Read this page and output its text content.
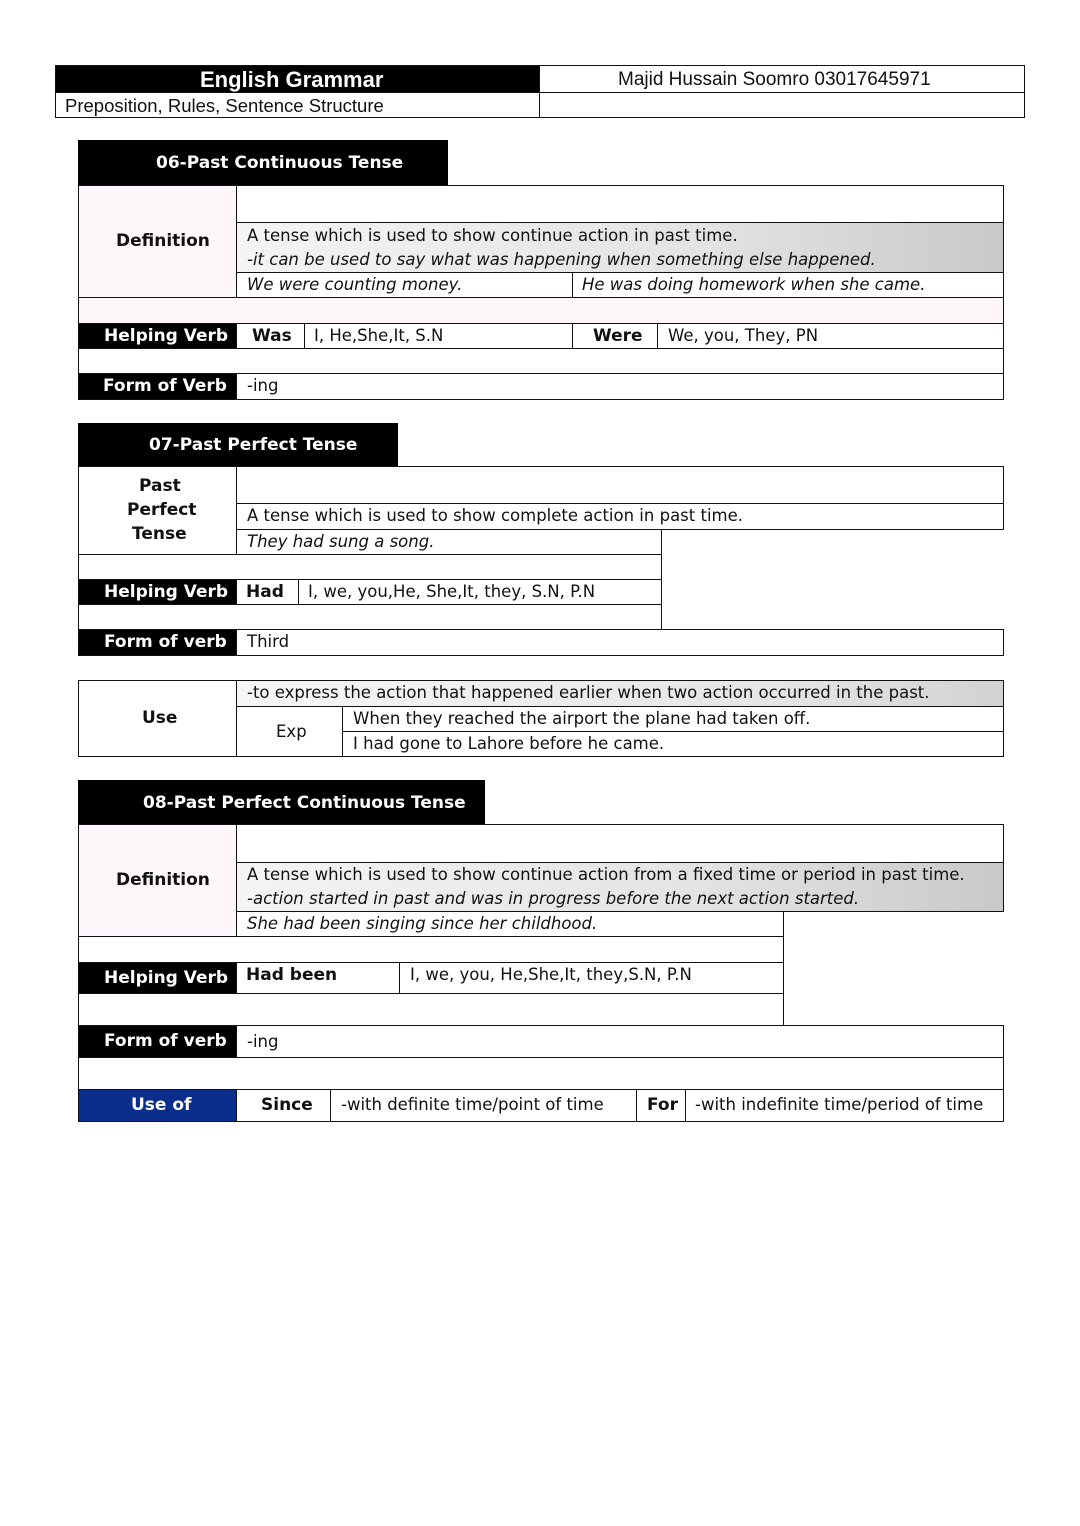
English Grammar	Majid Hussain Soomro 03017645971
Preposition, Rules, Sentence Structure
06-Past Continuous Tense
Definition A tense which is used to show continue action in past time.
-it can be used to say what was happening when something else happened.
We were counting money.	He was doing homework when she came.
Helping Verb Was I, He,She,It, S.N	Were We, you, They, PN
Form of Verb -ing
07-Past Perfect Tense
Past
Perfect
Tense
A tense which is used to show complete action in past time.
They had sung a song.
Helping Verb Had I, we, you,He, She,It, they, S.N, P.N
Form of verb Third
Use
-to express the action that happened earlier when two action occurred in the past.
Exp
When they reached the airport the plane had taken off.
I had gone to Lahore before he came.
08-Past Perfect Continuous Tense
Definition A tense which is used to show continue action from a fixed time or period in past time.
-action started in past and was in progress before the next action started.
She had been singing since her childhood.
Helping Verb Had been	I, we, you, He,She,It, they,S.N, P.N
Form of verb -ing
Use of	Since -with definite time/point of time	For -with indefinite time/period of time
